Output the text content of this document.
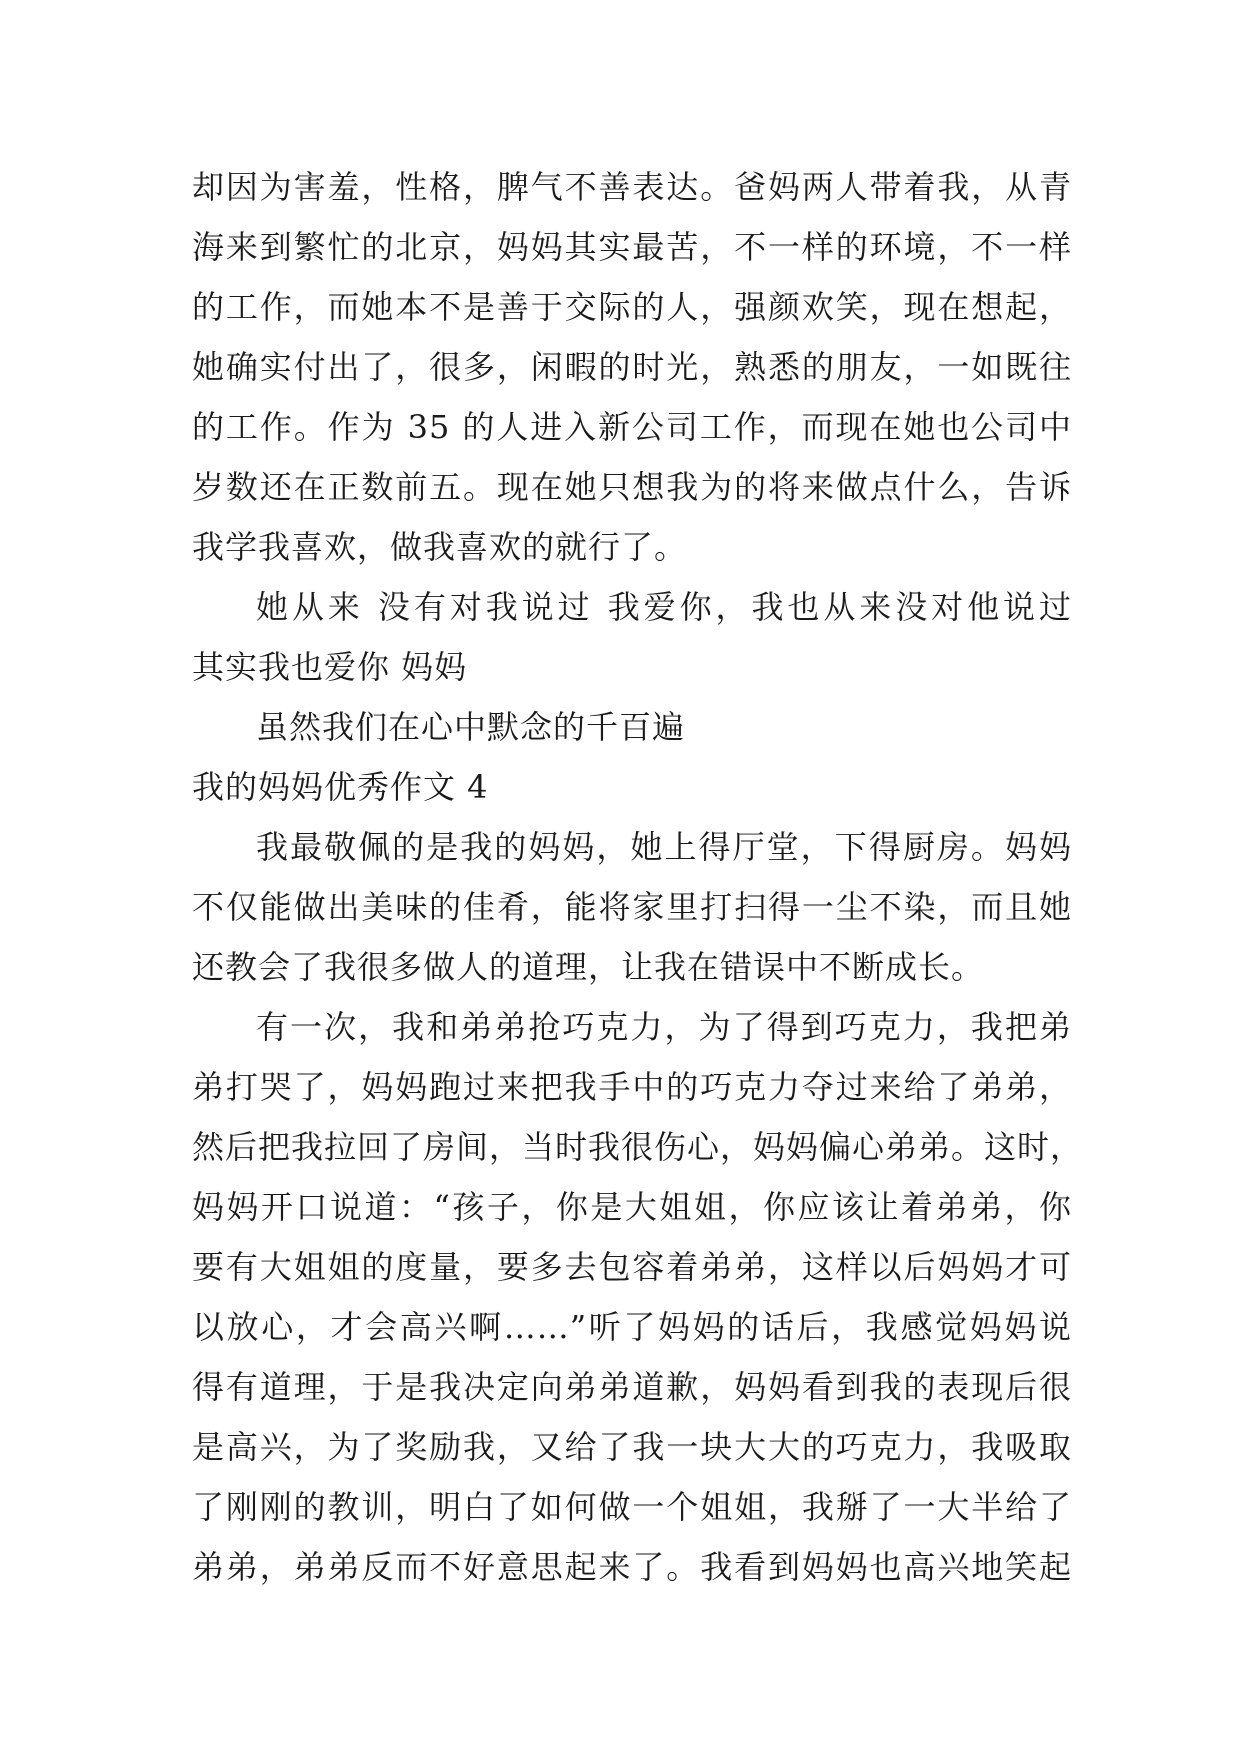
却因为害羞，性格，脾气不善表达。爸妈两人带着我，从青
海来到繁忙的北京，妈妈其实最苦，不一样的环境，不一样
的工作，而她本不是善于交际的人，强颜欢笑，现在想起，
她确实付出了，很多，闲暇的时光，熟悉的朋友，一如既往
的工作。作为 35 的人进入新公司工作，而现在她也公司中
岁数还在正数前五。现在她只想我为的将来做点什么，告诉
我学我喜欢，做我喜欢的就行了。
她从来 没有对我说过 我爱你，我也从来没对他说过
其实我也爱你 妈妈
虽然我们在心中默念的千百遍
我的妈妈优秀作文 4
我最敬佩的是我的妈妈，她上得厅堂，下得厨房。妈妈
不仅能做出美味的佳肴，能将家里打扫得一尘不染，而且她
还教会了我很多做人的道理，让我在错误中不断成长。
有一次，我和弟弟抢巧克力，为了得到巧克力，我把弟
弟打哭了，妈妈跑过来把我手中的巧克力夺过来给了弟弟，
然后把我拉回了房间，当时我很伤心，妈妈偏心弟弟。这时，
妈妈开口说道：“孩子，你是大姐姐，你应该让着弟弟，你
要有大姐姐的度量，要多去包容着弟弟，这样以后妈妈才可
以放心，才会高兴啊……”听了妈妈的话后，我感觉妈妈说
得有道理，于是我决定向弟弟道歉，妈妈看到我的表现后很
是高兴，为了奖励我，又给了我一块大大的巧克力，我吸取
了刚刚的教训，明白了如何做一个姐姐，我掰了一大半给了
弟弟，弟弟反而不好意思起来了。我看到妈妈也高兴地笑起
